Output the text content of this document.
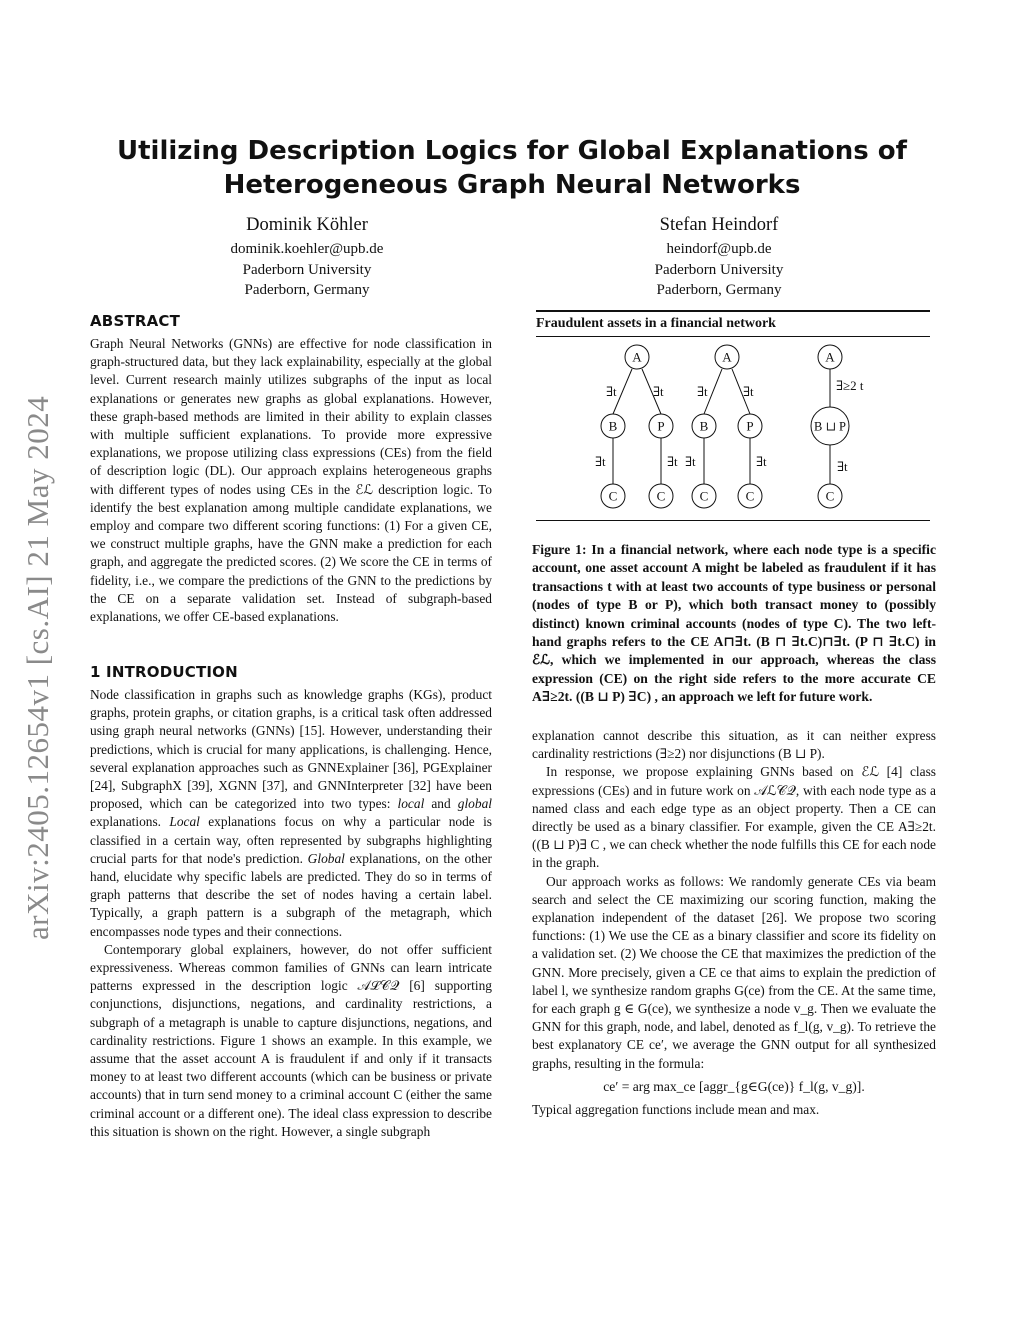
arXiv:2405.12654v1 [cs.AI] 21 May 2024
Utilizing Description Logics for Global Explanations of Heterogeneous Graph Neural Networks
Dominik Köhler
dominik.koehler@upb.de
Paderborn University
Paderborn, Germany
Stefan Heindorf
heindorf@upb.de
Paderborn University
Paderborn, Germany
ABSTRACT

Graph Neural Networks (GNNs) are effective for node classification in graph-structured data, but they lack explainability, especially at the global level. Current research mainly utilizes subgraphs of the input as local explanations or generates new graphs as global explanations. However, these graph-based methods are limited in their ability to explain classes with multiple sufficient explanations. To provide more expressive explanations, we propose utilizing class expressions (CEs) from the field of description logic (DL). Our approach explains heterogeneous graphs with different types of nodes using CEs in the ℰℒ description logic. To identify the best explanation among multiple candidate explanations, we employ and compare two different scoring functions: (1) For a given CE, we construct multiple graphs, have the GNN make a prediction for each graph, and aggregate the predicted scores. (2) We score the CE in terms of fidelity, i.e., we compare the predictions of the GNN to the predictions by the CE on a separate validation set. Instead of subgraph-based explanations, we offer CE-based explanations.

1 INTRODUCTION

Node classification in graphs such as knowledge graphs (KGs), product graphs, protein graphs, or citation graphs, is a critical task often addressed using graph neural networks (GNNs) [15]. However, understanding their predictions, which is crucial for many applications, is challenging. Hence, several explanation approaches such as GNNExplainer [36], PGExplainer [24], SubgraphX [39], XGNN [37], and GNNInterpreter [32] have been proposed, which can be categorized into two types: local and global explanations. Local explanations focus on why a particular node is classified in a certain way, often represented by subgraphs highlighting crucial parts for that node's prediction. Global explanations, on the other hand, elucidate why specific labels are predicted. They do so in terms of graph patterns that describe the set of nodes having a certain label. Typically, a graph pattern is a subgraph of the metagraph, which encompasses node types and their connections.

Contemporary global explainers, however, do not offer sufficient expressiveness. Whereas common families of GNNs can learn intricate patterns expressed in the description logic 𝒜ℒ𝒞𝒬 [6] supporting conjunctions, disjunctions, negations, and cardinality restrictions, a subgraph of a metagraph is unable to capture disjunctions, negations, and cardinality restrictions. Figure 1 shows an example. In this example, we assume that the asset account A is fraudulent if and only if it transacts money to at least two different accounts (which can be business or private accounts) that in turn send money to a criminal account C (either the same criminal account or a different one). The ideal class expression to describe this situation is shown on the right. However, a single subgraph

Fraudulent assets in a financial network
A	A	A
B	P	B	P	B ⊔ P
C	C	C	C	C
∃t	∃t
∃t	∃t
∃t	∃t
∃t	∃t
∃≥2 t
∃t

Figure 1: In a financial network, where each node type is a specific account, one asset account A might be labeled as fraudulent if it has transactions t with at least two accounts of type business or personal (nodes of type B or P), which both transact money to (possibly distinct) known criminal accounts (nodes of type C). The two left-hand graphs refers to the CE A⊓∃t. (B ⊓ ∃t.C)⊓∃t. (P ⊓ ∃t.C) in ℰℒ, which we implemented in our approach, whereas the class expression (CE) on the right side refers to the more accurate CE A∃≥2t. ((B ⊔ P) ∃C) , an approach we left for future work.

explanation cannot describe this situation, as it can neither express cardinality restrictions (∃≥2) nor disjunctions (B ⊔ P).

In response, we propose explaining GNNs based on ℰℒ [4] class expressions (CEs) and in future work on 𝒜ℒ𝒞𝒬, with each node type as a named class and each edge type as an object property. Then a CE can directly be used as a binary classifier. For example, given the CE A∃≥2t. ((B ⊔ P)∃ C , we can check whether the node fulfills this CE for each node in the graph.

Our approach works as follows: We randomly generate CEs via beam search and select the CE maximizing our scoring function, making the explanation independent of the dataset [26]. We propose two scoring functions: (1) We use the CE as a binary classifier and score its fidelity on a validation set. (2) We choose the CE that maximizes the prediction of the GNN. More precisely, given a CE ce that aims to explain the prediction of label l, we synthesize random graphs G(ce) from the CE. At the same time, for each graph g ∈ G(ce), we synthesize a node v_g. Then we evaluate the GNN for this graph, node, and label, denoted as f_l(g, v_g). To retrieve the best explanatory CE ce′, we average the GNN output for all synthesized graphs, resulting in the formula:

ce′ = arg max_ce [aggr_{g∈G(ce)} f_l(g, v_g)].

Typical aggregation functions include mean and max.
